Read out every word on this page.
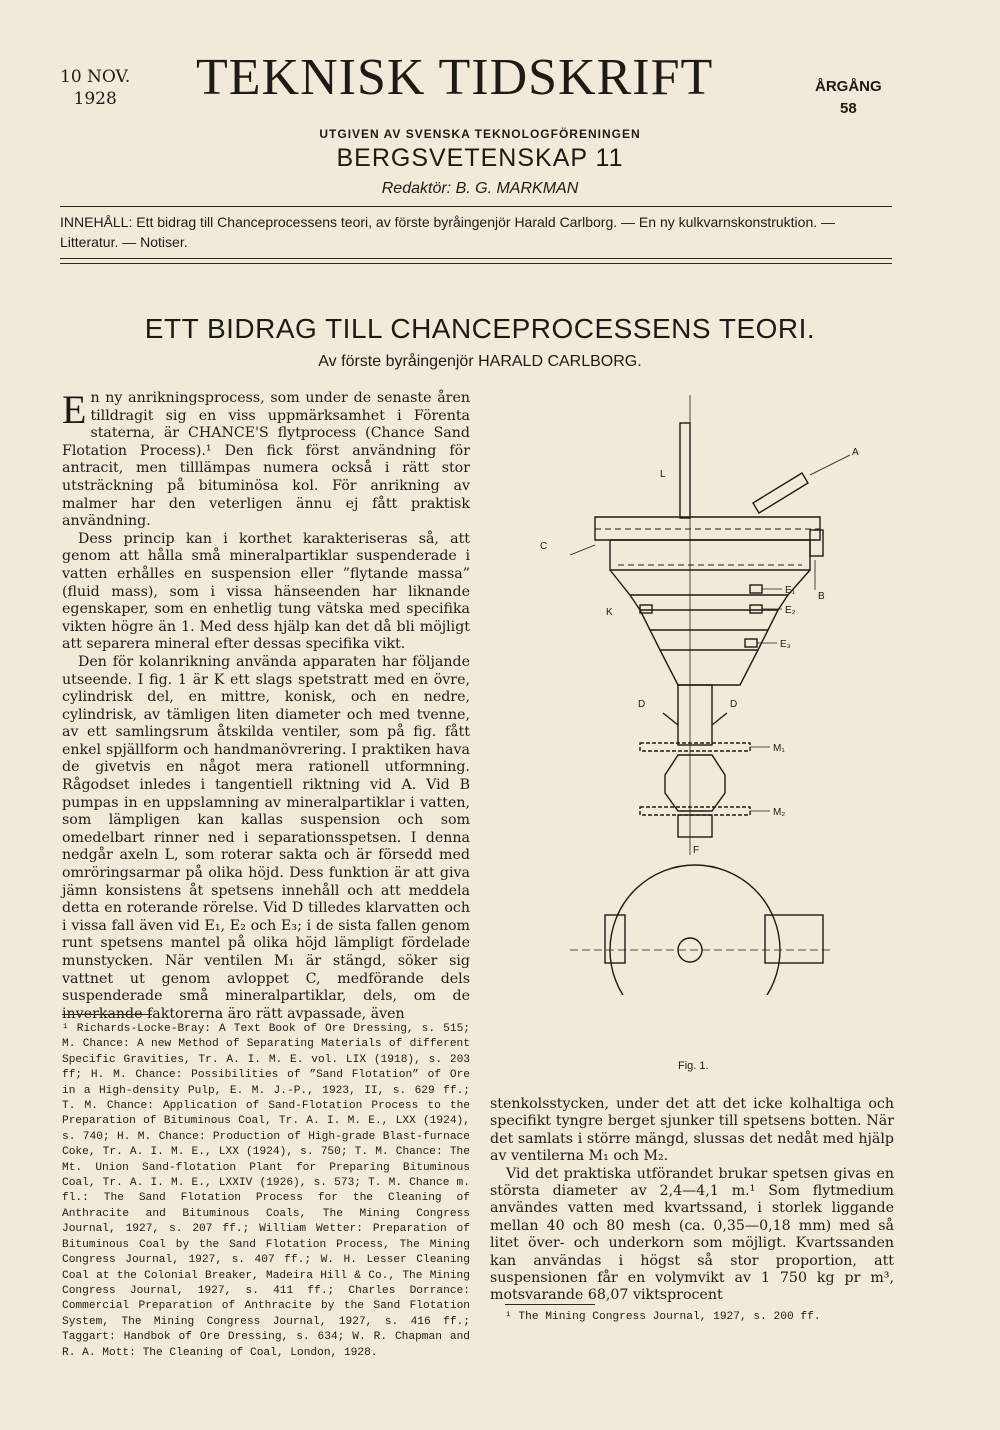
10 NOV.
1928 TEKNISK TIDSKRIFT	ÅRGÅNG
58
UTGIVEN AV SVENSKA TEKNOLOGFÖRENINGEN
BERGSVETENSKAP 11
Redaktör: B. G. MARKMAN
INNEHÅLL: Ett bidrag till Chanceprocessens teori, av förste byråingenjör Harald Carlborg. — En ny kulkvarnskonstruktion. — Litteratur. — Notiser.
ETT BIDRAG TILL CHANCEPROCESSENS TEORI.
Av förste byråingenjör HARALD CARLBORG.

En ny anrikningsprocess, som under de senaste åren tilldragit sig en viss uppmärksamhet i Förenta staterna, är CHANCE'S flytprocess (Chance Sand Flotation Process).¹ Den fick först användning för antracit, men tilllämpas numera också i rätt stor utsträckning på bituminösa kol. För anrikning av malmer har den veterligen ännu ej fått praktisk användning.

Dess princip kan i korthet karakteriseras så, att genom att hålla små mineralpartiklar suspenderade i vatten erhålles en suspension eller ”flytande massa” (fluid mass), som i vissa hänseenden har liknande egenskaper, som en enhetlig tung vätska med specifika vikten högre än 1. Med dess hjälp kan det då bli möjligt att separera mineral efter dessas specifika vikt.

Den för kolanrikning använda apparaten har följande utseende. I fig. 1 är K ett slags spetstratt med en övre, cylindrisk del, en mittre, konisk, och en nedre, cylindrisk, av tämligen liten diameter och med tvenne, av ett samlingsrum åtskilda ventiler, som på fig. fått enkel spjällform och handmanövrering. I praktiken hava de givetvis en något mera rationell utformning. Rågodset inledes i tangentiell riktning vid A. Vid B pumpas in en uppslamning av mineralpartiklar i vatten, som lämpligen kan kallas suspension och som omedelbart rinner ned i separationsspetsen. I denna nedgår axeln L, som roterar sakta och är försedd med omröringsarmar på olika höjd. Dess funktion är att giva jämn konsistens åt spetsens innehåll och att meddela detta en roterande rörelse. Vid D tilledes klarvatten och i vissa fall även vid E₁, E₂ och E₃; i de sista fallen genom runt spetsens mantel på olika höjd lämpligt fördelade munstycken. När ventilen M₁ är stängd, söker sig vattnet ut genom avloppet C, medförande dels suspenderade små mineralpartiklar, dels, om de inverkande faktorerna äro rätt avpassade, även

¹ Richards-Locke-Bray: A Text Book of Ore Dressing, s. 515; M. Chance: A new Method of Separating Materials of different Specific Gravities, Tr. A. I. M. E. vol. LIX (1918), s. 203 ff; H. M. Chance: Possibilities of ”Sand Flotation” of Ore in a High-density Pulp, E. M. J.-P., 1923, II, s. 629 ff.; T. M. Chance: Application of Sand-Flotation Process to the Preparation of Bituminous Coal, Tr. A. I. M. E., LXX (1924), s. 740; H. M. Chance: Production of High-grade Blast-furnace Coke, Tr. A. I. M. E., LXX (1924), s. 750; T. M. Chance: The Mt. Union Sand-flotation Plant for Preparing Bituminous Coal, Tr. A. I. M. E., LXXIV (1926), s. 573; T. M. Chance m. fl.: The Sand Flotation Process for the Cleaning of Anthracite and Bituminous Coals, The Mining Congress Journal, 1927, s. 207 ff.; William Wetter: Preparation of Bituminous Coal by the Sand Flotation Process, The Mining Congress Journal, 1927, s. 407 ff.; W. H. Lesser Cleaning Coal at the Colonial Breaker, Madeira Hill & Co., The Mining Congress Journal, 1927, s. 411 ff.; Charles Dorrance: Commercial Preparation of Anthracite by the Sand Flotation System, The Mining Congress Journal, 1927, s. 416 ff.; Taggart: Handbok of Ore Dressing, s. 634; W. R. Chapman and R. A. Mott: The Cleaning of Coal, London, 1928.
A
L
C
B
K
E₁
E₂
E₃
D	D
M₁
M₂
F
Fig. 1.

stenkolsstycken, under det att det icke kolhaltiga och specifikt tyngre berget sjunker till spetsens botten. När det samlats i större mängd, slussas det nedåt med hjälp av ventilerna M₁ och M₂.

Vid det praktiska utförandet brukar spetsen givas en största diameter av 2,4—4,1 m.¹ Som flytmedium användes vatten med kvartssand, i storlek liggande mellan 40 och 80 mesh (ca. 0,35—0,18 mm) med så litet över- och underkorn som möjligt. Kvartssanden kan användas i högst så stor proportion, att suspensionen får en volymvikt av 1 750 kg pr m³, motsvarande 68,07 viktsprocent

¹ The Mining Congress Journal, 1927, s. 200 ff.
